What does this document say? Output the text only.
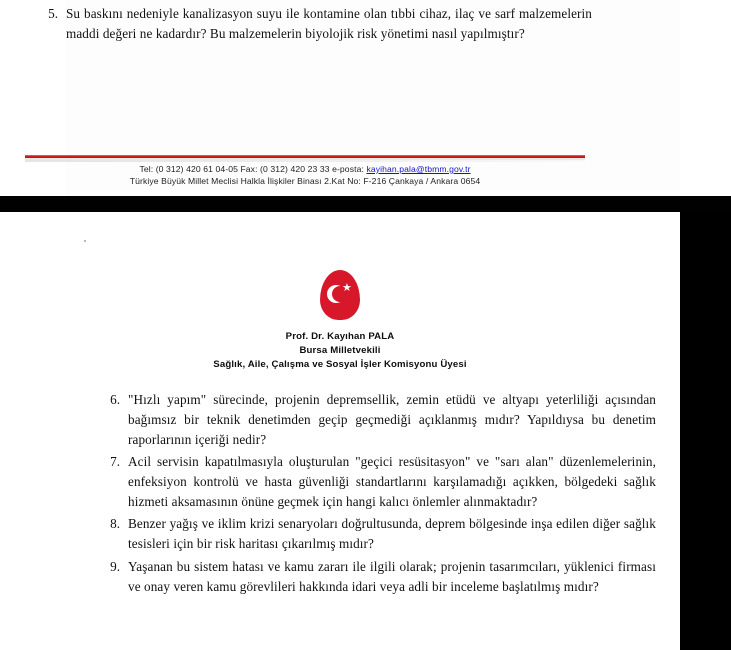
5. Su baskını nedeniyle kanalizasyon suyu ile kontamine olan tıbbi cihaz, ilaç ve sarf malzemelerin maddi değeri ne kadardır? Bu malzemelerin biyolojik risk yönetimi nasıl yapılmıştır?
Tel: (0 312) 420 61 04-05 Fax: (0 312) 420 23 33 e-posta: kayihan.pala@tbmm.gov.tr
Türkiye Büyük Millet Meclisi Halkla İlişkiler Binası 2.Kat No: F-216 Çankaya / Ankara 0654
Prof. Dr. Kayıhan PALA
Bursa Milletvekili
Sağlık, Aile, Çalışma ve Sosyal İşler Komisyonu Üyesi
6. "Hızlı yapım" sürecinde, projenin depremsellik, zemin etüdü ve altyapı yeterliliği açısından bağımsız bir teknik denetimden geçip geçmediği açıklanmış mıdır? Yapıldıysa bu denetim raporlarının içeriği nedir?
7. Acil servisin kapatılmasıyla oluşturulan "geçici resüsitasyon" ve "sarı alan" düzenlemelerinin, enfeksiyon kontrolü ve hasta güvenliği standartlarını karşılamadığı açıkken, bölgedeki sağlık hizmeti aksamasının önüne geçmek için hangi kalıcı önlemler alınmaktadır?
8. Benzer yağış ve iklim krizi senaryoları doğrultusunda, deprem bölgesinde inşa edilen diğer sağlık tesisleri için bir risk haritası çıkarılmış mıdır?
9. Yaşanan bu sistem hatası ve kamu zararı ile ilgili olarak; projenin tasarımcıları, yüklenici firması ve onay veren kamu görevlileri hakkında idari veya adli bir inceleme başlatılmış mıdır?
